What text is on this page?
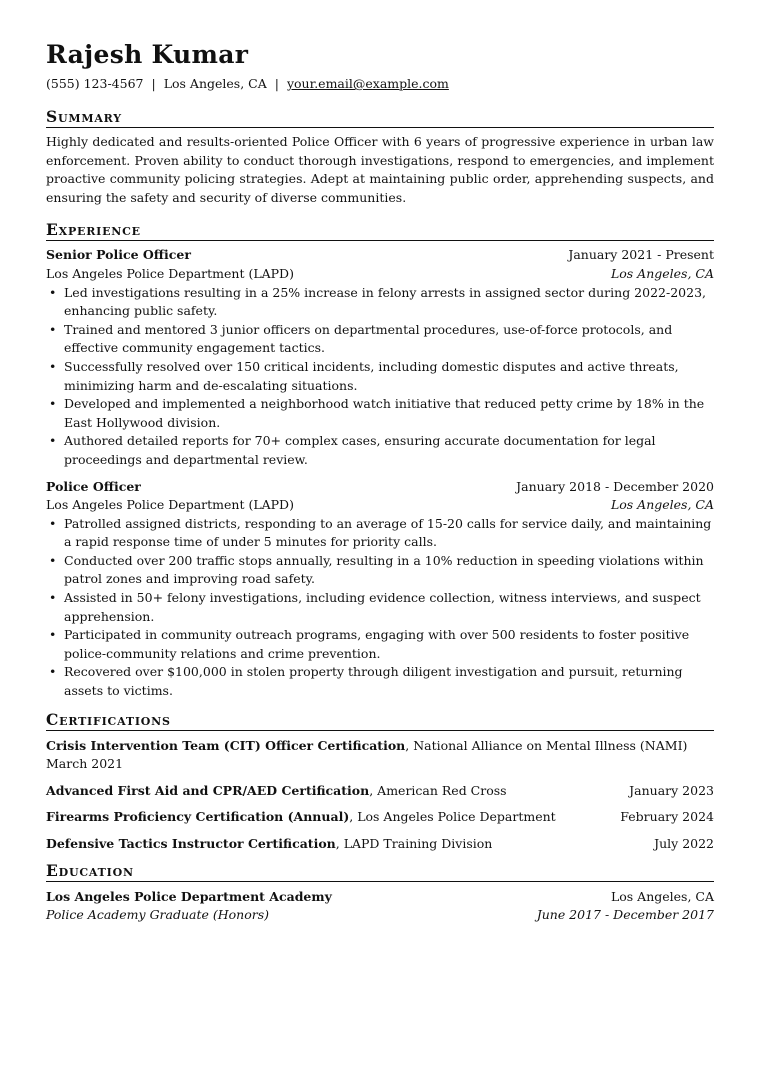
Rajesh Kumar
(555) 123-4567 | Los Angeles, CA | your.email@example.com
Summary
Highly dedicated and results-oriented Police Officer with 6 years of progressive experience in urban law enforcement. Proven ability to conduct thorough investigations, respond to emergencies, and implement proactive community policing strategies. Adept at maintaining public order, apprehending suspects, and ensuring the safety and security of diverse communities.
Experience
Senior Police Officer	January 2021 - Present
Los Angeles Police Department (LAPD)	Los Angeles, CA
• Led investigations resulting in a 25% increase in felony arrests in assigned sector during 2022-2023, enhancing public safety.
• Trained and mentored 3 junior officers on departmental procedures, use-of-force protocols, and effective community engagement tactics.
• Successfully resolved over 150 critical incidents, including domestic disputes and active threats, minimizing harm and de-escalating situations.
• Developed and implemented a neighborhood watch initiative that reduced petty crime by 18% in the East Hollywood division.
• Authored detailed reports for 70+ complex cases, ensuring accurate documentation for legal proceedings and departmental review.
Police Officer	January 2018 - December 2020
Los Angeles Police Department (LAPD)	Los Angeles, CA
• Patrolled assigned districts, responding to an average of 15-20 calls for service daily, and maintaining a rapid response time of under 5 minutes for priority calls.
• Conducted over 200 traffic stops annually, resulting in a 10% reduction in speeding violations within patrol zones and improving road safety.
• Assisted in 50+ felony investigations, including evidence collection, witness interviews, and suspect apprehension.
• Participated in community outreach programs, engaging with over 500 residents to foster positive police-community relations and crime prevention.
• Recovered over $100,000 in stolen property through diligent investigation and pursuit, returning assets to victims.
Certifications
Crisis Intervention Team (CIT) Officer Certification, National Alliance on Mental Illness (NAMI)
March 2021
Advanced First Aid and CPR/AED Certification, American Red Cross	January 2023
Firearms Proficiency Certification (Annual), Los Angeles Police Department	February 2024
Defensive Tactics Instructor Certification, LAPD Training Division	July 2022
Education
Los Angeles Police Department Academy	Los Angeles, CA
Police Academy Graduate (Honors)	June 2017 - December 2017
